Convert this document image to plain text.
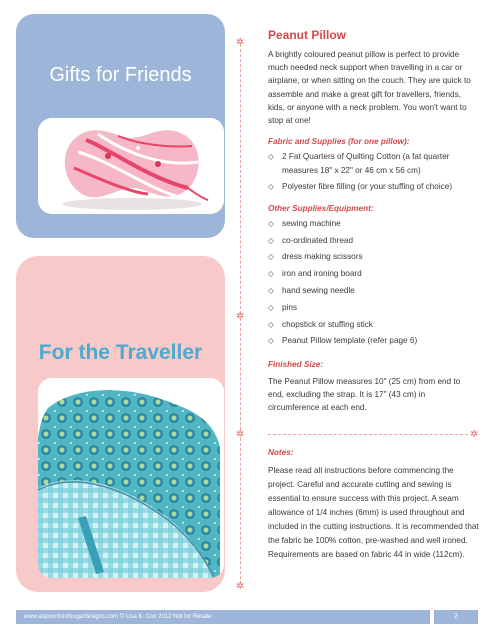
Gifts for Friends
For the Traveller
✲
✲
✲	✲
✲
Peanut Pillow

A brightly coloured peanut pillow is perfect to provide much needed neck support when travelling in a car or airplane, or when sitting on the couch. They are quick to assemble and make a great gift for travellers, friends, kids, or anyone with a neck problem. You won't want to stop at one!

Fabric and Supplies (for one pillow):
◇ 2 Fat Quarters of Quilting Cotton (a fat quarter measures 18" x 22" or 46 cm x 56 cm)
◇ Polyester fibre filling (or your stuffing of choice)
Other Supplies/Equipment:
◇ sewing machine
◇ co-ordinated thread
◇ dress making scissors
◇ iron and ironing board
◇ hand sewing needle
◇ pins
◇ chopstick or stuffing stick
◇ Peanut Pillow template (refer page 6)
Finished Size:

The Peanut Pillow measures 10" (25 cm) from end to end, excluding the strap. It is 17" (43 cm) in circumference at each end.

Notes:

Please read all instructions before commencing the project. Careful and accurate cutting and sewing is essential to ensure success with this project. A seam allowance of 1/4 inches (6mm) is used throughout and included in the cutting instructions. It is recommended that the fabric be 100% cotton, pre-washed and well ironed. Requirements are based on fabric 44 in wide (112cm).

www.aspoonfulofsugardesigns.com © Lisa K. Cox 2012 Not for Resale	2
